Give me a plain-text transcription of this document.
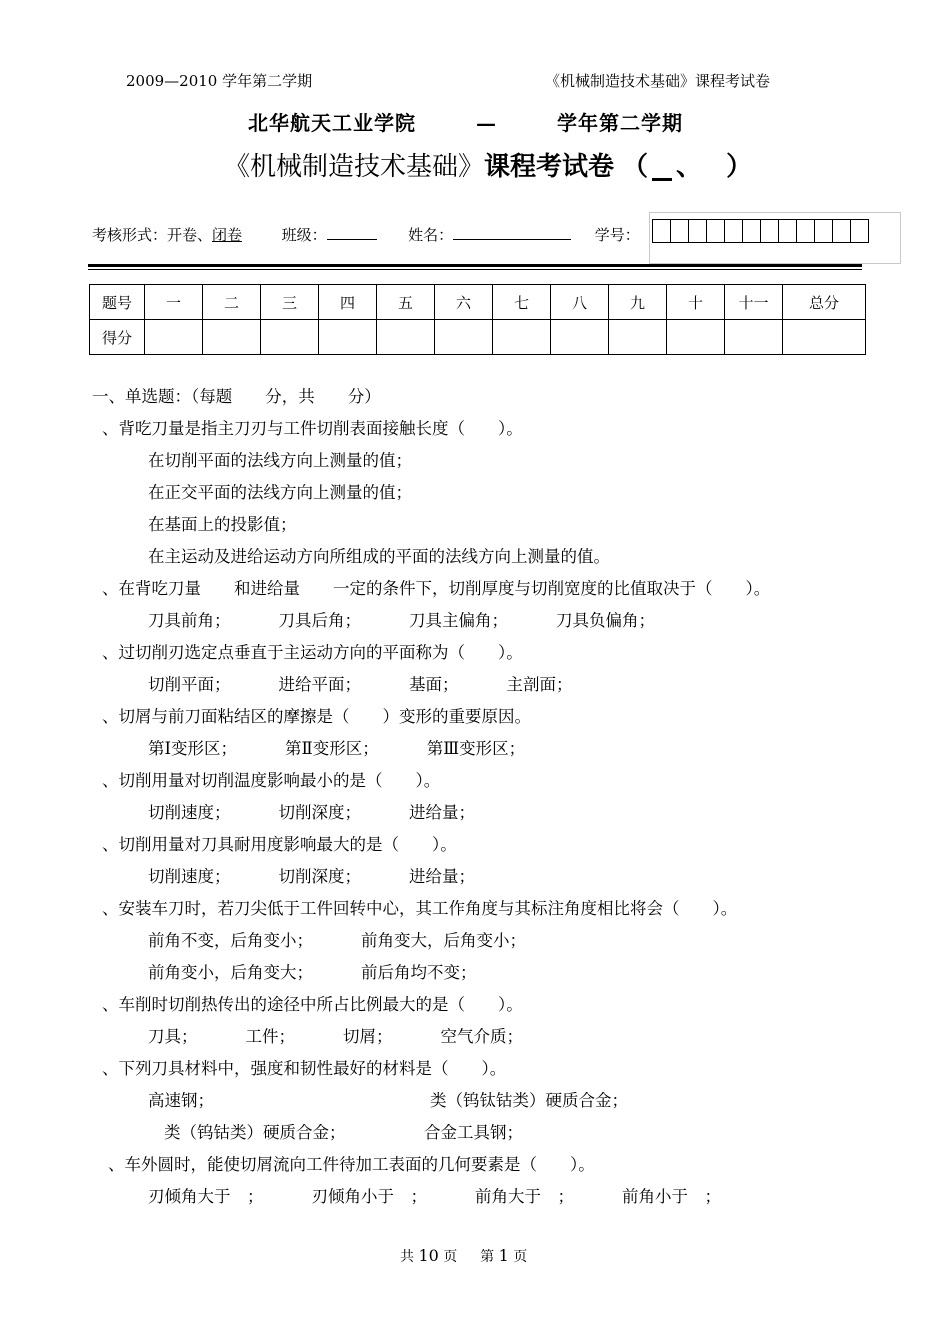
2009—2010 学年第二学期	《机械制造技术基础》课程考试卷
北华航天工业学院	—	学年第二学期
《机械制造技术基础》课程考试卷 （ 、 ）
考核形式：开卷、闭卷	班级：	姓名：	学号：
题号	一	二	三	四	五	六	七	八	九	十	十一	总分
得分												
一、单选题：（每题　　分，共　　分）
、背吃刀量是指主刀刃与工件切削表面接触长度（　　）。
在切削平面的法线方向上测量的值；
在正交平面的法线方向上测量的值；
在基面上的投影值；
在主运动及进给运动方向所组成的平面的法线方向上测量的值。
、在背吃刀量　　和进给量　　一定的条件下，切削厚度与切削宽度的比值取决于（　　）。
刀具前角；	刀具后角；	刀具主偏角；	刀具负偏角；
、过切削刃选定点垂直于主运动方向的平面称为（　　）。
切削平面；	进给平面；	基面；	主剖面；
、切屑与前刀面粘结区的摩擦是（　　）变形的重要原因。
第Ⅰ变形区；	第Ⅱ变形区；	第Ⅲ变形区；
、切削用量对切削温度影响最小的是（　　）。
切削速度；	切削深度；	进给量；
、切削用量对刀具耐用度影响最大的是（　　）。
切削速度；	切削深度；	进给量；
、安装车刀时，若刀尖低于工件回转中心，其工作角度与其标注角度相比将会（　　）。
前角不变，后角变小；	前角变大，后角变小；
前角变小，后角变大；	前后角均不变；
、车削时切削热传出的途径中所占比例最大的是（　　）。
刀具；	工件；	切屑；	空气介质；
、下列刀具材料中，强度和韧性最好的材料是（　　）。
高速钢；	类（钨钛钴类）硬质合金；
类（钨钴类）硬质合金；	合金工具钢；
、车外圆时，能使切屑流向工件待加工表面的几何要素是（　　）。
刃倾角大于　；	刃倾角小于　；	前角大于　；	前角小于　；
共 10 页 第 1 页
